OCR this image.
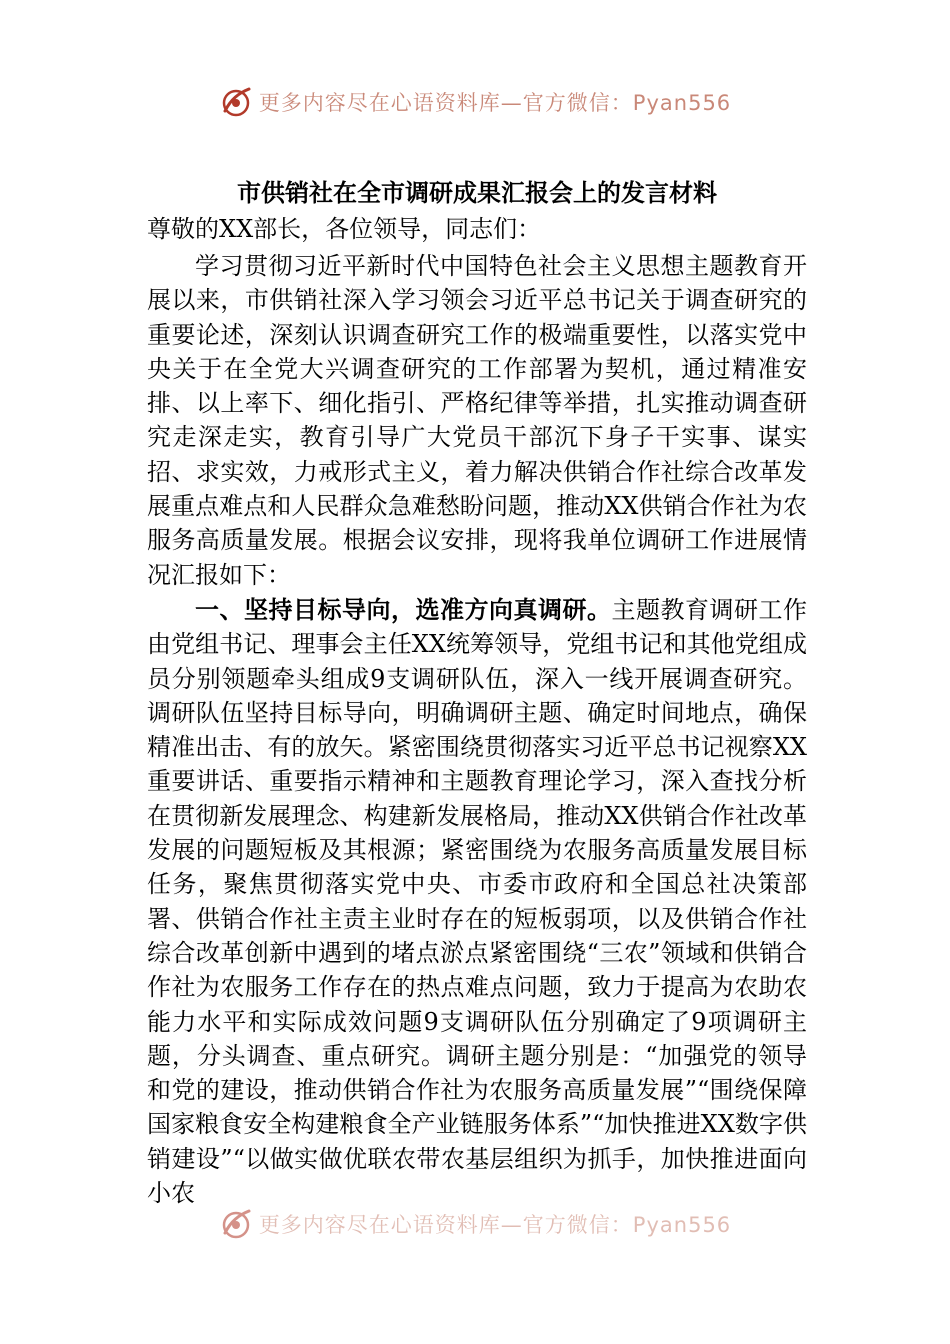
更多内容尽在心语资料库—官方微信：Pyan556
市供销社在全市调研成果汇报会上的发言材料
尊敬的XX部长，各位领导，同志们：

学习贯彻习近平新时代中国特色社会主义思想主题教育开展以来，市供销社深入学习领会习近平总书记关于调查研究的重要论述，深刻认识调查研究工作的极端重要性，以落实党中央关于在全党大兴调查研究的工作部署为契机，通过精准安排、以上率下、细化指引、严格纪律等举措，扎实推动调查研究走深走实，教育引导广大党员干部沉下身子干实事、谋实招、求实效，力戒形式主义，着力解决供销合作社综合改革发展重点难点和人民群众急难愁盼问题，推动XX供销合作社为农服务高质量发展。根据会议安排，现将我单位调研工作进展情况汇报如下：

一、坚持目标导向，选准方向真调研。主题教育调研工作由党组书记、理事会主任XX统筹领导，党组书记和其他党组成员分别领题牵头组成9支调研队伍，深入一线开展调查研究。调研队伍坚持目标导向，明确调研主题、确定时间地点，确保精准出击、有的放矢。紧密围绕贯彻落实习近平总书记视察XX重要讲话、重要指示精神和主题教育理论学习，深入查找分析在贯彻新发展理念、构建新发展格局，推动XX供销合作社改革发展的问题短板及其根源；紧密围绕为农服务高质量发展目标任务，聚焦贯彻落实党中央、市委市政府和全国总社决策部署、供销合作社主责主业时存在的短板弱项，以及供销合作社综合改革创新中遇到的堵点淤点紧密围绕“三农”领域和供销合作社为农服务工作存在的热点难点问题，致力于提高为农助农能力水平和实际成效问题9支调研队伍分别确定了9项调研主题，分头调查、重点研究。调研主题分别是：“加强党的领导和党的建设，推动供销合作社为农服务高质量发展”“围绕保障国家粮食安全构建粮食全产业链服务体系”“加快推进XX数字供销建设”“以做实做优联农带农基层组织为抓手，加快推进面向小农

更多内容尽在心语资料库—官方微信：Pyan556
